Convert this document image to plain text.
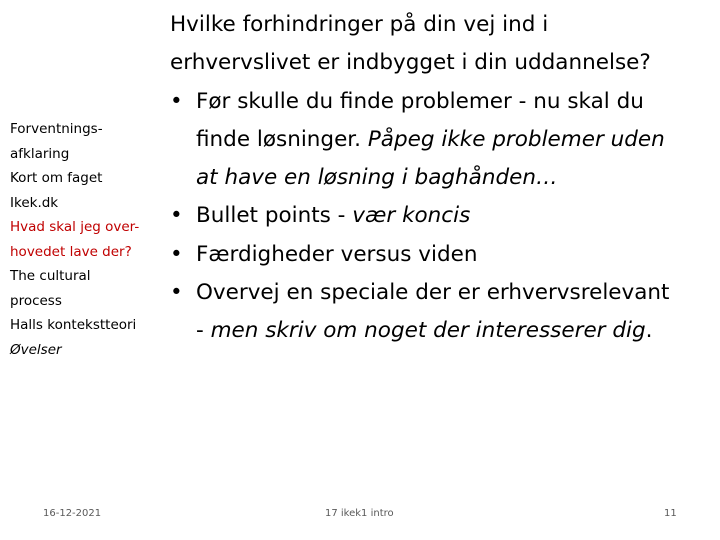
Forventnings-
afklaring
Kort om faget
Ikek.dk
Hvad skal jeg over-
hovedet lave der?
The cultural
process
Halls kontekstteori
Øvelser
Hvilke forhindringer på din vej ind i
erhvervslivet er indbygget i din uddannelse?
• Før skulle du finde problemer - nu skal du
finde løsninger. Påpeg ikke problemer uden
at have en løsning i baghånden…
• Bullet points - vær koncis
• Færdigheder versus viden
• Overvej en speciale der er erhvervsrelevant
- men skriv om noget der interesserer dig.
16-12-2021	17 ikek1 intro	11
